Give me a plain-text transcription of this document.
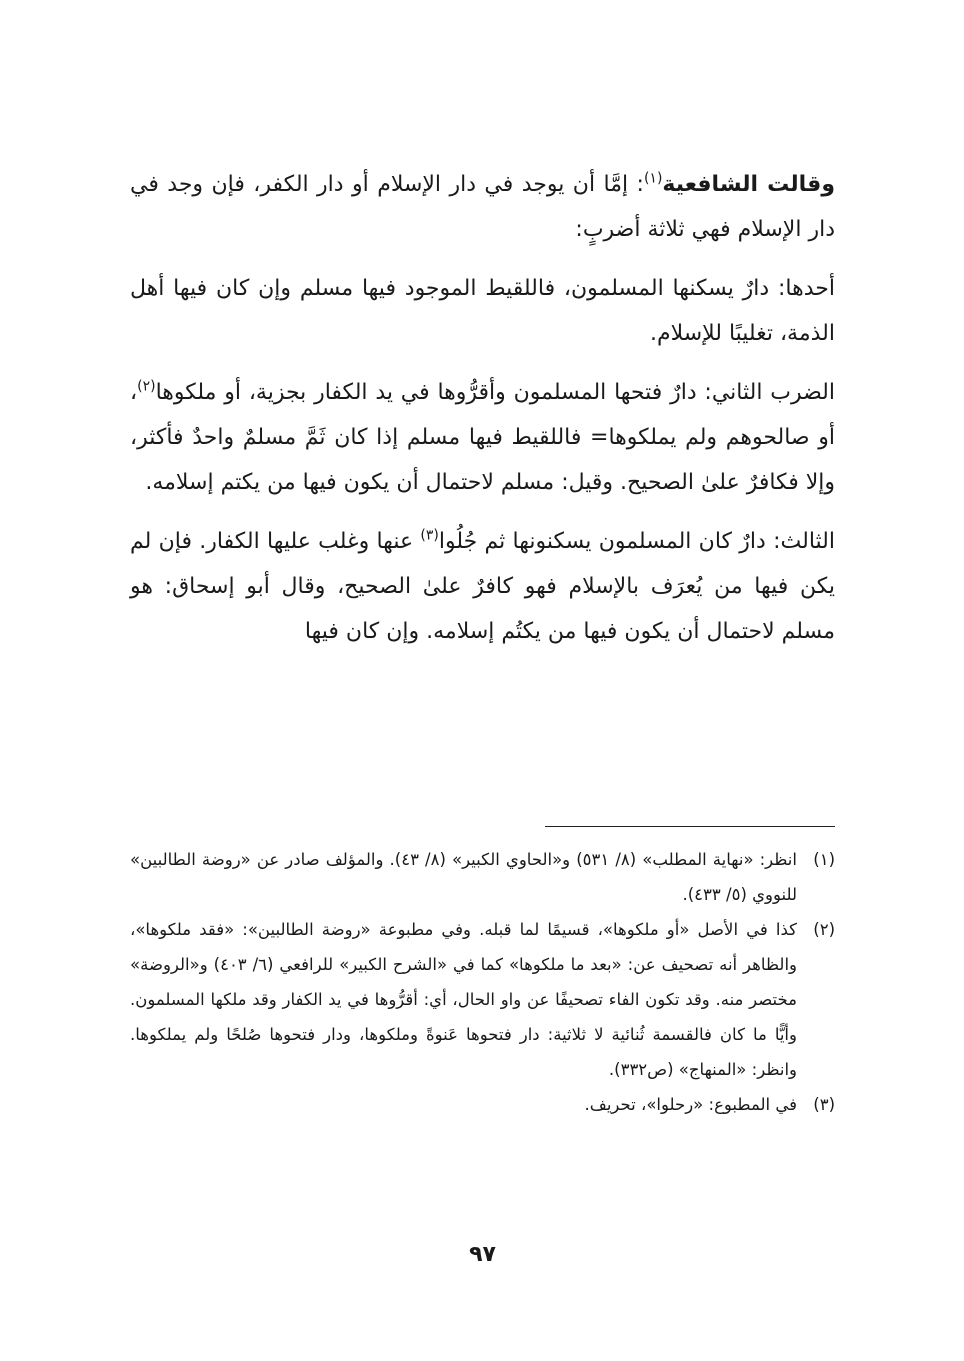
وقالت الشافعية$^{(١)}$: إمَّا أن يوجد في دار الإسلام أو دار الكفر، فإن وجد في دار الإسلام فهي ثلاثة أضربٍ:

أحدها: دارٌ يسكنها المسلمون، فاللقيط الموجود فيها مسلم وإن كان فيها أهل الذمة، تغليبًا للإسلام.

الضرب الثاني: دارٌ فتحها المسلمون وأقرُّوها في يد الكفار بجزية، أو ملكوها$^{(٢)}$، أو صالحوهم ولم يملكوها= فاللقيط فيها مسلم إذا كان ثَمَّ مسلمٌ واحدٌ فأكثر، وإلا فكافرٌ علىٰ الصحيح. وقيل: مسلم لاحتمال أن يكون فيها من يكتم إسلامه.

الثالث: دارٌ كان المسلمون يسكنونها ثم جُلُوا$^{(٣)}$ عنها وغلب عليها الكفار. فإن لم يكن فيها من يُعرَف بالإسلام فهو كافرٌ علىٰ الصحيح، وقال أبو إسحاق: هو مسلم لاحتمال أن يكون فيها من يكتُم إسلامه. وإن كان فيها

(١)
انظر: «نهاية المطلب» (٨/ ٥٣١) و«الحاوي الكبير» (٨/ ٤٣). والمؤلف صادر عن «روضة الطالبين» للنووي (٥/ ٤٣٣).
(٢)
كذا في الأصل «أو ملكوها»، قسيمًا لما قبله. وفي مطبوعة «روضة الطالبين»: «فقد ملكوها»، والظاهر أنه تصحيف عن: «بعد ما ملكوها» كما في «الشرح الكبير» للرافعي (٦/ ٤٠٣) و«الروضة» مختصر منه. وقد تكون الفاء تصحيفًا عن واو الحال، أي: أقرُّوها في يد الكفار وقد ملكها المسلمون. وأيًّا ما كان فالقسمة ثُنائية لا ثلاثية: دار فتحوها عَنوةً وملكوها، ودار فتحوها صُلحًا ولم يملكوها. وانظر: «المنهاج» (ص٣٣٢).
(٣)
في المطبوع: «رحلوا»، تحريف.
٩٧
